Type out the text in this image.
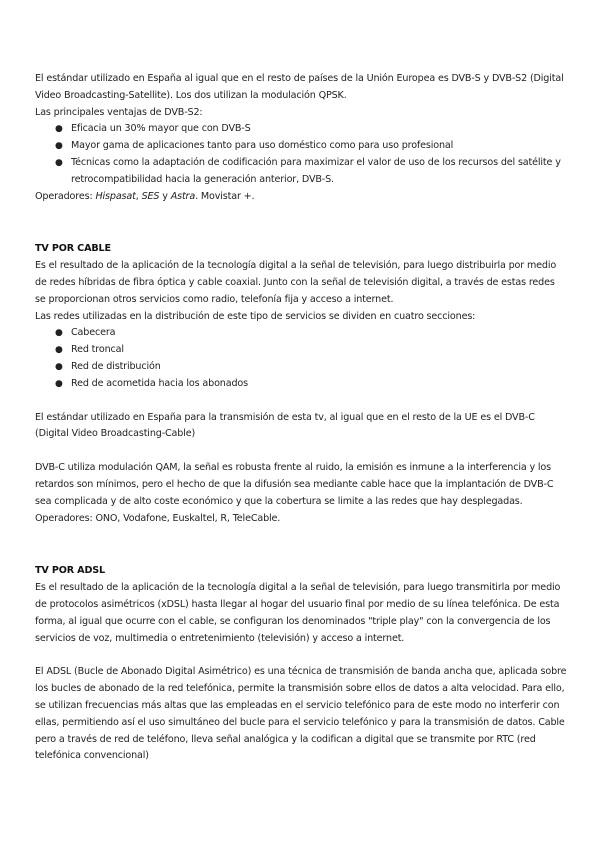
El estándar utilizado en España al igual que en el resto de países de la Unión Europea es DVB-S y DVB-S2 (Digital Video Broadcasting-Satellite). Los dos utilizan la modulación QPSK.

Las principales ventajas de DVB-S2:

● Eficacia un 30% mayor que con DVB-S
● Mayor gama de aplicaciones tanto para uso doméstico como para uso profesional
● Técnicas como la adaptación de codificación para maximizar el valor de uso de los recursos del satélite y retrocompatibilidad hacia la generación anterior, DVB-S.

Operadores: Hispasat, SES y Astra. Movistar +.

TV POR CABLE

Es el resultado de la aplicación de la tecnología digital a la señal de televisión, para luego distribuirla por medio de redes híbridas de fibra óptica y cable coaxial. Junto con la señal de televisión digital, a través de estas redes se proporcionan otros servicios como radio, telefonía fija y acceso a internet.

Las redes utilizadas en la distribución de este tipo de servicios se dividen en cuatro secciones:

● Cabecera
● Red troncal
● Red de distribución
● Red de acometida hacia los abonados

El estándar utilizado en España para la transmisión de esta tv, al igual que en el resto de la UE es el DVB-C (Digital Video Broadcasting-Cable)

DVB-C utiliza modulación QAM, la señal es robusta frente al ruido, la emisión es inmune a la interferencia y los retardos son mínimos, pero el hecho de que la difusión sea mediante cable hace que la implantación de DVB-C sea complicada y de alto coste económico y que la cobertura se limite a las redes que hay desplegadas.

Operadores: ONO, Vodafone, Euskaltel, R, TeleCable.

TV POR ADSL

Es el resultado de la aplicación de la tecnología digital a la señal de televisión, para luego transmitirla por medio de protocolos asimétricos (xDSL) hasta llegar al hogar del usuario final por medio de su línea telefónica. De esta forma, al igual que ocurre con el cable, se configuran los denominados "triple play" con la convergencia de los servicios de voz, multimedia o entretenimiento (televisión) y acceso a internet.

El ADSL (Bucle de Abonado Digital Asimétrico) es una técnica de transmisión de banda ancha que, aplicada sobre los bucles de abonado de la red telefónica, permite la transmisión sobre ellos de datos a alta velocidad. Para ello, se utilizan frecuencias más altas que las empleadas en el servicio telefónico para de este modo no interferir con ellas, permitiendo así el uso simultáneo del bucle para el servicio telefónico y para la transmisión de datos. Cable pero a través de red de teléfono, lleva señal analógica y la codifican a digital que se transmite por RTC (red telefónica convencional)
